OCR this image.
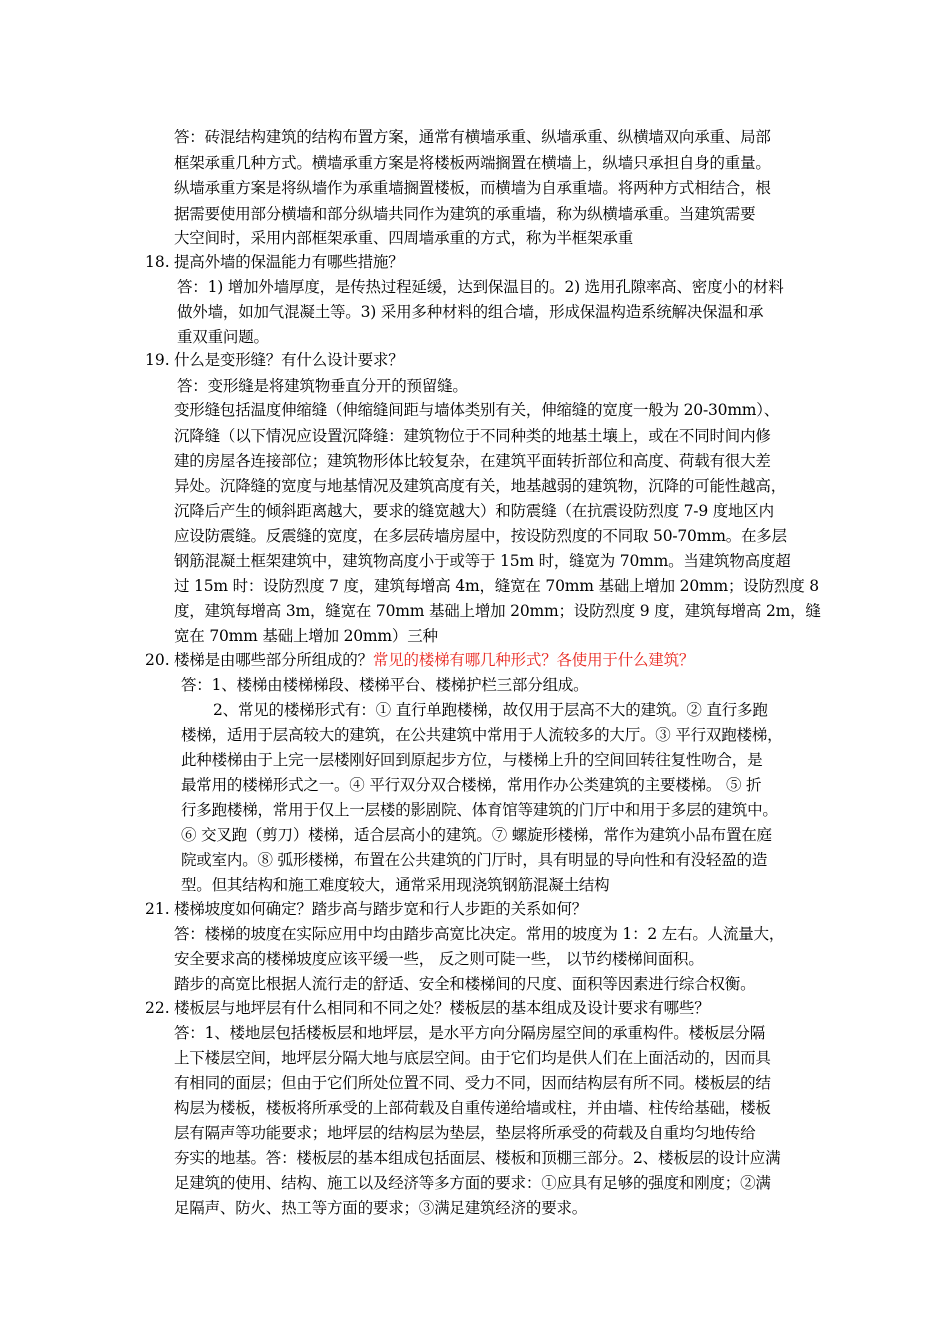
答：砖混结构建筑的结构布置方案，通常有横墙承重、纵墙承重、纵横墙双向承重、局部
框架承重几种方式。横墙承重方案是将楼板两端搁置在横墙上，纵墙只承担自身的重量。
纵墙承重方案是将纵墙作为承重墙搁置楼板，而横墙为自承重墙。将两种方式相结合，根
据需要使用部分横墙和部分纵墙共同作为建筑的承重墙，称为纵横墙承重。当建筑需要
大空间时，采用内部框架承重、四周墙承重的方式，称为半框架承重
18. 提高外墙的保温能力有哪些措施？
答：1) 增加外墙厚度，是传热过程延缓，达到保温目的。2) 选用孔隙率高、密度小的材料
做外墙，如加气混凝土等。3) 采用多种材料的组合墙，形成保温构造系统解决保温和承
重双重问题。
19. 什么是变形缝？有什么设计要求？
答：变形缝是将建筑物垂直分开的预留缝。
变形缝包括温度伸缩缝（伸缩缝间距与墙体类别有关，伸缩缝的宽度一般为 20-30mm）、
沉降缝（以下情况应设置沉降缝：建筑物位于不同种类的地基土壤上，或在不同时间内修
建的房屋各连接部位；建筑物形体比较复杂，在建筑平面转折部位和高度、荷载有很大差
异处。沉降缝的宽度与地基情况及建筑高度有关，地基越弱的建筑物，沉降的可能性越高，
沉降后产生的倾斜距离越大，要求的缝宽越大）和防震缝（在抗震设防烈度 7-9 度地区内
应设防震缝。反震缝的宽度，在多层砖墙房屋中，按设防烈度的不同取 50-70mm。在多层
钢筋混凝土框架建筑中，建筑物高度小于或等于 15m 时，缝宽为 70mm。当建筑物高度超
过 15m 时：设防烈度 7 度，建筑每增高 4m，缝宽在 70mm 基础上增加 20mm；设防烈度 8
度，建筑每增高 3m，缝宽在 70mm 基础上增加 20mm；设防烈度 9 度，建筑每增高 2m，缝
宽在 70mm 基础上增加 20mm）三种
20. 楼梯是由哪些部分所组成的？常见的楼梯有哪几种形式？各使用于什么建筑？
答：1、楼梯由楼梯梯段、楼梯平台、楼梯护栏三部分组成。
2、常见的楼梯形式有：① 直行单跑楼梯，故仅用于层高不大的建筑。② 直行多跑
楼梯，适用于层高较大的建筑，在公共建筑中常用于人流较多的大厅。③ 平行双跑楼梯，
此种楼梯由于上完一层楼刚好回到原起步方位，与楼梯上升的空间回转往复性吻合，是
最常用的楼梯形式之一。④ 平行双分双合楼梯，常用作办公类建筑的主要楼梯。 ⑤ 折
行多跑楼梯，常用于仅上一层楼的影剧院、体育馆等建筑的门厅中和用于多层的建筑中。
⑥ 交叉跑（剪刀）楼梯，适合层高小的建筑。⑦ 螺旋形楼梯，常作为建筑小品布置在庭
院或室内。⑧ 弧形楼梯，布置在公共建筑的门厅时，具有明显的导向性和有没轻盈的造
型。但其结构和施工难度较大，通常采用现浇筑钢筋混凝土结构
21. 楼梯坡度如何确定？踏步高与踏步宽和行人步距的关系如何？
答：楼梯的坡度在实际应用中均由踏步高宽比决定。常用的坡度为 1：2 左右。人流量大，
安全要求高的楼梯坡度应该平缓一些， 反之则可陡一些， 以节约楼梯间面积。
踏步的高宽比根据人流行走的舒适、安全和楼梯间的尺度、面积等因素进行综合权衡。
22. 楼板层与地坪层有什么相同和不同之处？楼板层的基本组成及设计要求有哪些？
答：1、楼地层包括楼板层和地坪层，是水平方向分隔房屋空间的承重构件。楼板层分隔
上下楼层空间，地坪层分隔大地与底层空间。由于它们均是供人们在上面活动的，因而具
有相同的面层；但由于它们所处位置不同、受力不同，因而结构层有所不同。楼板层的结
构层为楼板，楼板将所承受的上部荷载及自重传递给墙或柱，并由墙、柱传给基础，楼板
层有隔声等功能要求；地坪层的结构层为垫层，垫层将所承受的荷载及自重均匀地传给
夯实的地基。答：楼板层的基本组成包括面层、楼板和顶棚三部分。2、楼板层的设计应满
足建筑的使用、结构、施工以及经济等多方面的要求：①应具有足够的强度和刚度；②满
足隔声、防火、热工等方面的要求；③满足建筑经济的要求。
